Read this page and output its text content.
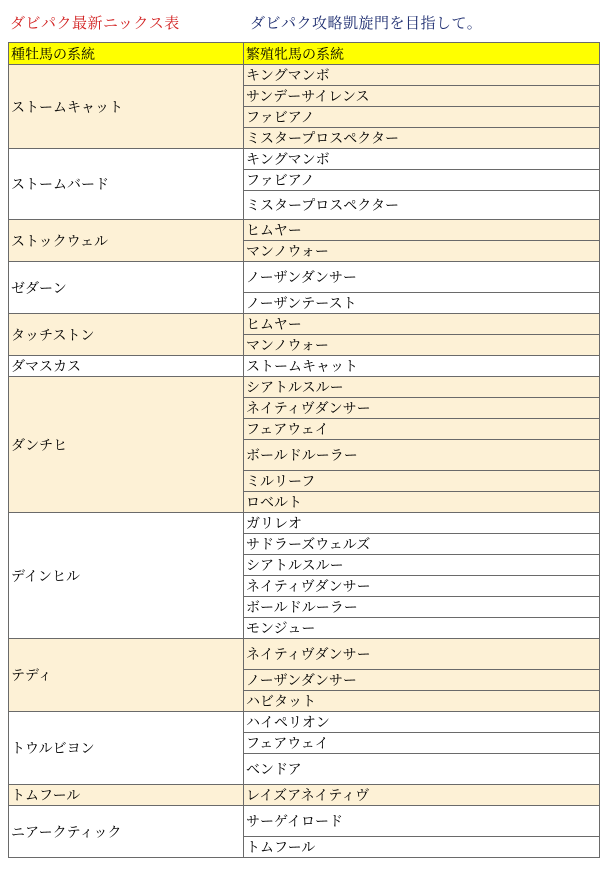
ダビパク最新ニックス表	ダビパク攻略凱旋門を目指して。
種牡馬の系統	繁殖牝馬の系統
ストームキャット	キングマンボ
	サンデーサイレンス
	ファビアノ
	ミスタープロスペクター
ストームバード	キングマンボ
	ファビアノ
	ミスタープロスペクター
ストックウェル	ヒムヤー
	マンノウォー
ゼダーン	ノーザンダンサー
	ノーザンテースト
タッチストン	ヒムヤー
	マンノウォー
ダマスカス	ストームキャット
ダンチヒ	シアトルスルー
	ネイティヴダンサー
	フェアウェイ
	ボールドルーラー
	ミルリーフ
	ロベルト
デインヒル	ガリレオ
	サドラーズウェルズ
	シアトルスルー
	ネイティヴダンサー
	ボールドルーラー
	モンジュー
テディ	ネイティヴダンサー
	ノーザンダンサー
	ハビタット
トウルビヨン	ハイペリオン
	フェアウェイ
	ベンドア
トムフール	レイズアネイティヴ
ニアークティック	サーゲイロード
	トムフール
